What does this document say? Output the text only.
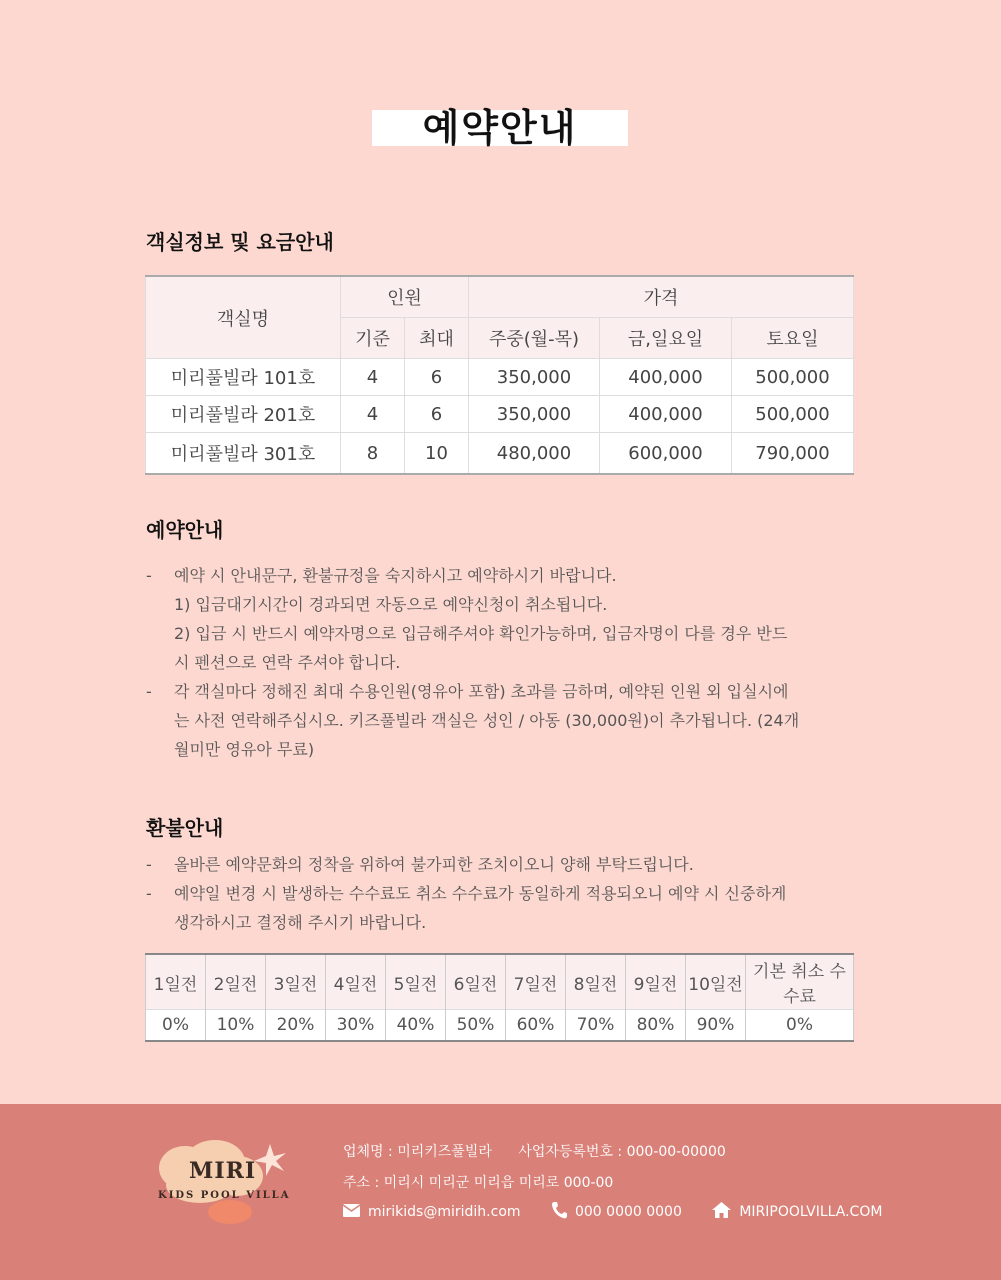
예약안내
객실정보 및 요금안내
객실명	인원		가격		
	기준	최대	주중(월-목)	금,일요일	토요일
미리풀빌라 101호	4	6	350,000	400,000	500,000
미리풀빌라 201호	4	6	350,000	400,000	500,000
미리풀빌라 301호	8	10	480,000	600,000	790,000
예약안내
- 예약 시 안내문구, 환불규정을 숙지하시고 예약하시기 바랍니다.
1) 입금대기시간이 경과되면 자동으로 예약신청이 취소됩니다.
2) 입금 시 반드시 예약자명으로 입금해주셔야 확인가능하며, 입금자명이 다를 경우 반드
시 펜션으로 연락 주셔야 합니다.
- 각 객실마다 정해진 최대 수용인원(영유아 포함) 초과를 금하며, 예약된 인원 외 입실시에
는 사전 연락해주십시오. 키즈풀빌라 객실은 성인 / 아동 (30,000원)이 추가됩니다. (24개
월미만 영유아 무료)
환불안내
- 올바른 예약문화의 정착을 위하여 불가피한 조치이오니 양해 부탁드립니다.
- 예약일 변경 시 발생하는 수수료도 취소 수수료가 동일하게 적용되오니 예약 시 신중하게
생각하시고 결정해 주시기 바랍니다.
1일전	2일전	3일전	4일전	5일전	6일전	7일전	8일전	9일전	10일전	기본 취소 수수료
0%	10%	20%	30%	40%	50%	60%	70%	80%	90%	0%
MIRI
KIDS POOL VILLA
업체명 : 미리키즈풀빌라 사업자등록번호 : 000-00-00000
주소 : 미리시 미리군 미리읍 미리로 000-00
mirikids@miridih.com	000 0000 0000	MIRIPOOLVILLA.COM
